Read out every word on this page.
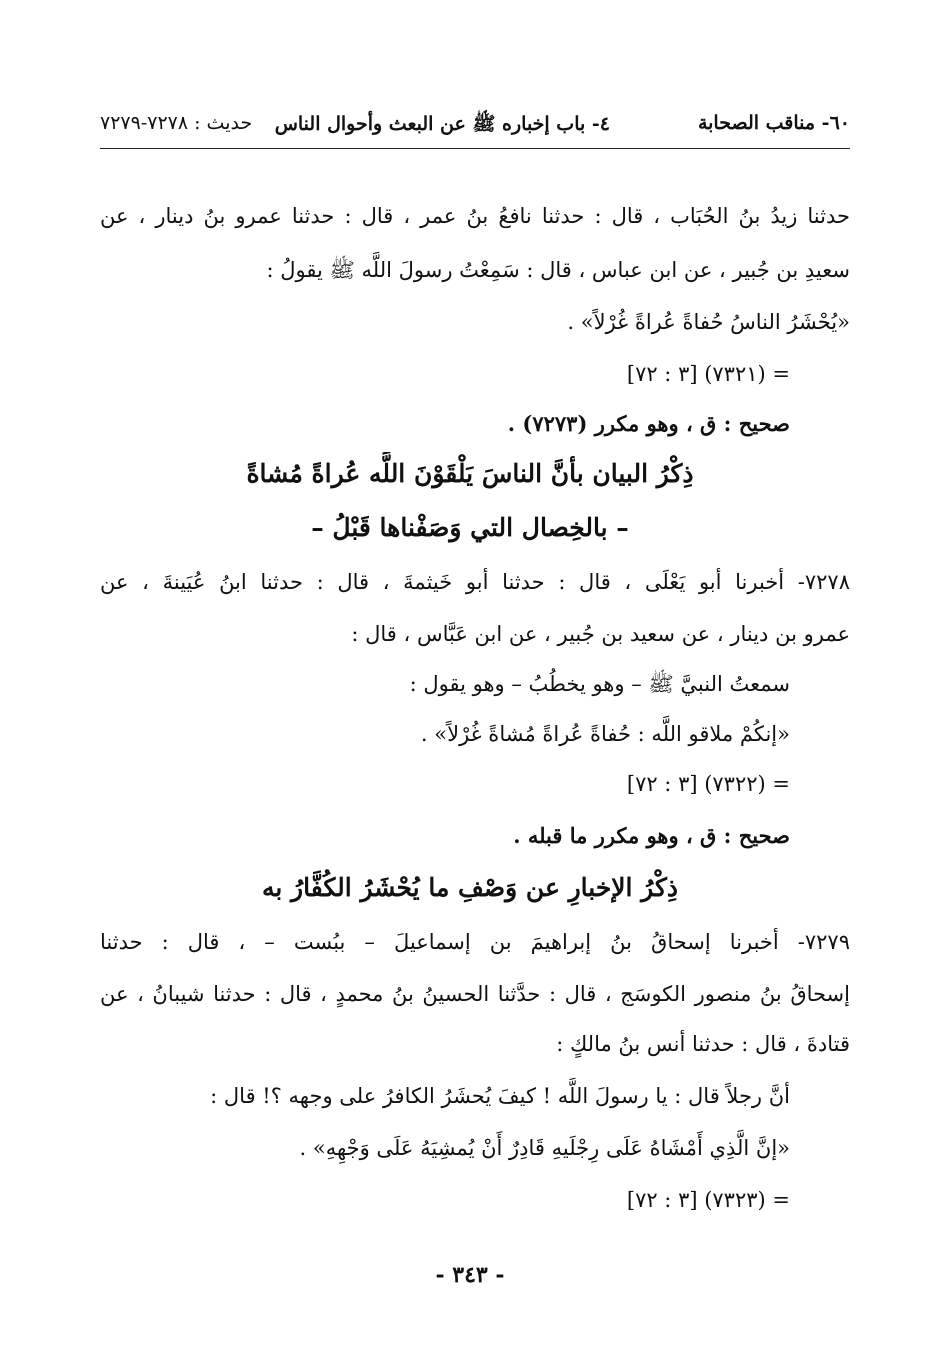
٦٠- مناقب الصحابة
٤- باب إخباره ﷺ عن البعث وأحوال الناس
حديث : ٧٢٧٨-٧٢٧٩
حدثنا زيدُ بنُ الحُبَاب ، قال : حدثنا نافعُ بنُ عمر ، قال : حدثنا عمرو بنُ دينار ، عن
سعيدِ بن جُبير ، عن ابن عباس ، قال : سَمِعْتُ رسولَ اللَّه ﷺ يقولُ :
«يُحْشَرُ الناسُ حُفاةً عُراةً غُرْلاً» .
= (٧٣٢١) [٣ : ٧٢]
صحيح : ق ، وهو مكرر (٧٢٧٣) .
ذِكْرُ البيان بأنَّ الناسَ يَلْقَوْنَ اللَّه عُراةً مُشاةً
– بالخِصال التي وَصَفْناها قَبْلُ –
٧٢٧٨- أخبرنا أبو يَعْلَى ، قال : حدثنا أبو خَيثمةَ ، قال : حدثنا ابنُ عُيَينةَ ، عن
عمرو بن دينار ، عن سعيد بن جُبير ، عن ابن عَبَّاس ، قال :
سمعتُ النبيَّ ﷺ – وهو يخطُبُ – وهو يقول :
«إنكُمْ ملاقو اللَّه : حُفاةً عُراةً مُشاةً غُرْلاً» .
= (٧٣٢٢) [٣ : ٧٢]
صحيح : ق ، وهو مكرر ما قبله .
ذِكْرُ الإخبارِ عن وَصْفِ ما يُحْشَرُ الكُفَّارُ به
٧٢٧٩- أخبرنا إسحاقُ بنُ إبراهيمَ بن إسماعيلَ – ببُست – ، قال : حدثنا
إسحاقُ بنُ منصور الكوسَج ، قال : حدَّثنا الحسينُ بنُ محمدٍ ، قال : حدثنا شيبانُ ، عن
قتادةَ ، قال : حدثنا أنس بنُ مالكٍ :
أنَّ رجلاً قال : يا رسولَ اللَّه ! كيفَ يُحشَرُ الكافرُ على وجهه ؟! قال :
«إنَّ الَّذِي أَمْشَاهُ عَلَى رِجْلَيهِ قَادِرٌ أَنْ يُمشِيَهُ عَلَى وَجْهِهِ» .
= (٧٣٢٣) [٣ : ٧٢]
- ٣٤٣ -
